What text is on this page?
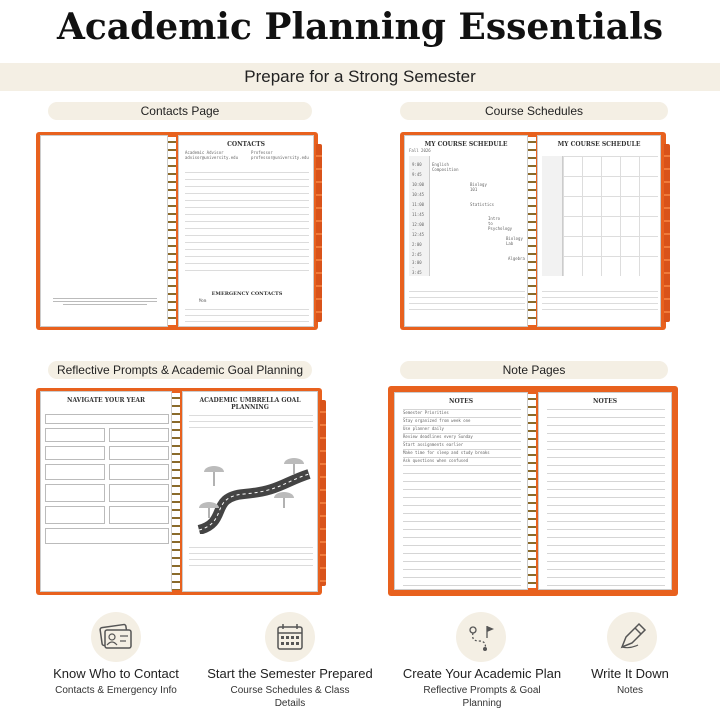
Academic Planning Essentials
Prepare for a Strong Semester
Contacts Page
CONTACTS
Academic Advisor
advisor@university.edu
Professor
professor@university.edu
EMERGENCY CONTACTS
Mom
Course Schedules
MY COURSE SCHEDULE
Fall 2026
9:00 - 9:45
10:00 - 10:45
11:00 - 11:45
12:00 - 12:45
2:00 - 2:45
3:00 - 3:45
English Composition
Biology 101
Statistics
Intro to Psychology
Biology Lab
Algebra
MY COURSE SCHEDULE
Reflective Prompts & Academic Goal Planning
NAVIGATE YOUR YEAR	ACADEMIC UMBRELLA GOAL PLANNING
Note Pages
NOTES
Semester Priorities
Stay organized from week one
Use planner daily
Review deadlines every Sunday
Start assignments earlier
Make time for sleep and study breaks
Ask questions when confused
NOTES
Know Who to Contact
Contacts & Emergency Info
Start the Semester Prepared
Course Schedules & Class Details
Create Your Academic Plan
Reflective Prompts & Goal Planning
Write It Down
Notes
